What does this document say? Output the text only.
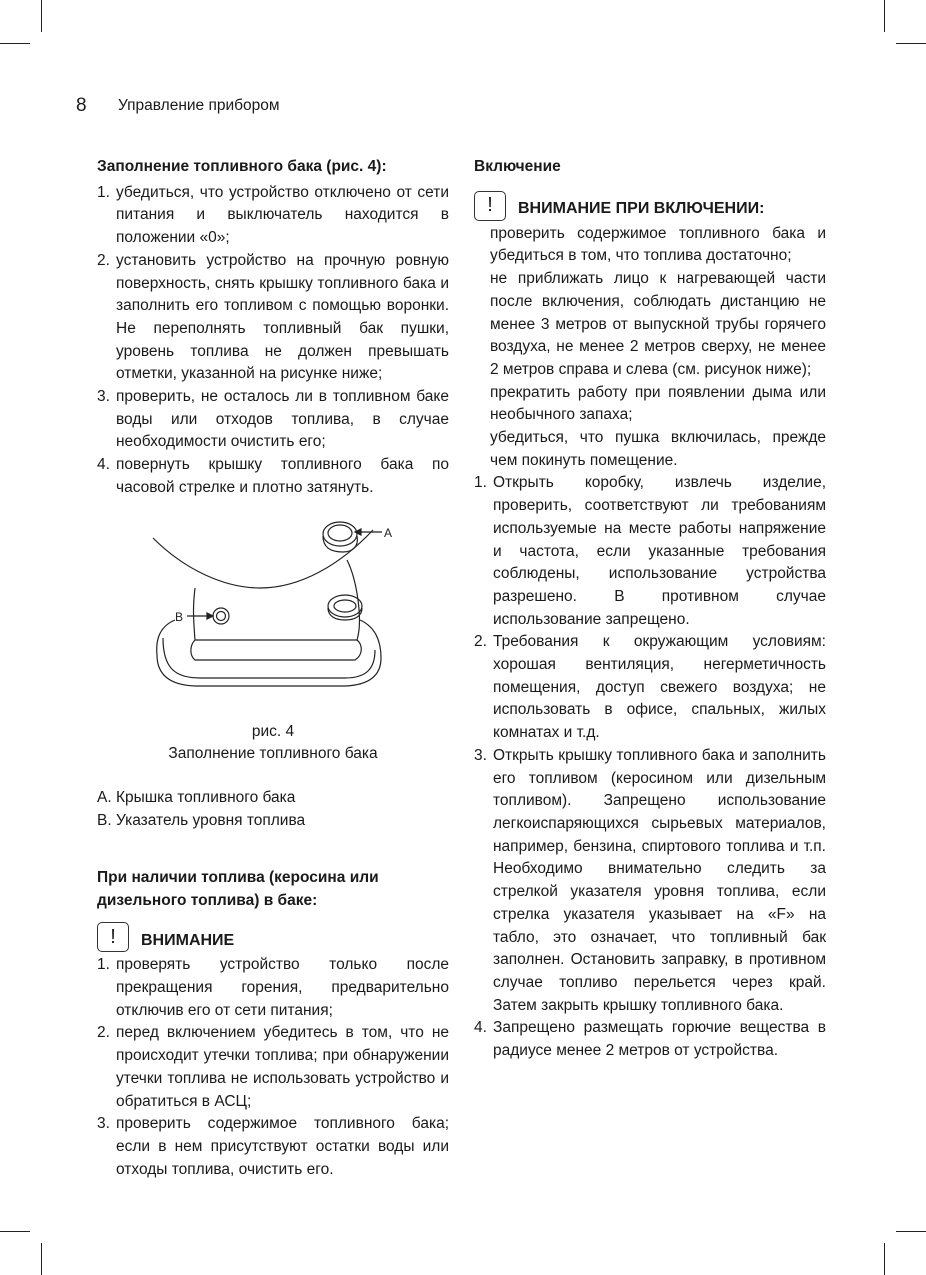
8 Управление прибором
Заполнение топливного бака (рис. 4):
1. убедиться, что устройство отключено от сети питания и выключатель находится в положении «0»;
2. установить устройство на прочную ровную поверхность, снять крышку топливного бака и заполнить его топливом с помощью воронки. Не переполнять топливный бак пушки, уровень топлива не должен превышать отметки, указанной на рисунке ниже;
3. проверить, не осталось ли в топливном баке воды или отходов топлива, в случае необходимости очистить его;
4. повернуть крышку топливного бака по часовой стрелке и плотно затянуть.
A
B
рис. 4
Заполнение топливного бака
A. Крышка топливного бака
B. Указатель уровня топлива
При наличии топлива (керосина или дизельного топлива) в баке:
!	ВНИМАНИЕ
1. проверять устройство только после прекращения горения, предварительно отключив его от сети питания;
2. перед включением убедитесь в том, что не происходит утечки топлива; при обнаружении утечки топлива не использовать устройство и обратиться в АСЦ;
3. проверить содержимое топливного бака; если в нем присутствуют остатки воды или отходы топлива, очистить его.
Включение
!	ВНИМАНИЕ ПРИ ВКЛЮЧЕНИИ:

проверить содержимое топливного бака и убедиться в том, что топлива достаточно;

не приближать лицо к нагревающей части после включения, соблюдать дистанцию не менее 3 метров от выпускной трубы горячего воздуха, не менее 2 метров сверху, не менее 2 метров справа и слева (см. рисунок ниже);

прекратить работу при появлении дыма или необычного запаха;

убедиться, что пушка включилась, прежде чем покинуть помещение.

1. Открыть коробку, извлечь изделие, проверить, соответствуют ли требованиям используемые на месте работы напряжение и частота, если указанные требования соблюдены, использование устройства разрешено. В противном случае использование запрещено.
2. Требования к окружающим условиям: хорошая вентиляция, негерметичность помещения, доступ свежего воздуха; не использовать в офисе, спальных, жилых комнатах и т.д.
3. Открыть крышку топливного бака и заполнить его топливом (керосином или дизельным топливом). Запрещено использование легкоиспаряющихся сырьевых материалов, например, бензина, спиртового топлива и т.п. Необходимо внимательно следить за стрелкой указателя уровня топлива, если стрелка указателя указывает на «F» на табло, это означает, что топливный бак заполнен. Остановить заправку, в противном случае топливо перельется через край. Затем закрыть крышку топливного бака.
4. Запрещено размещать горючие вещества в радиусе менее 2 метров от устройства.
